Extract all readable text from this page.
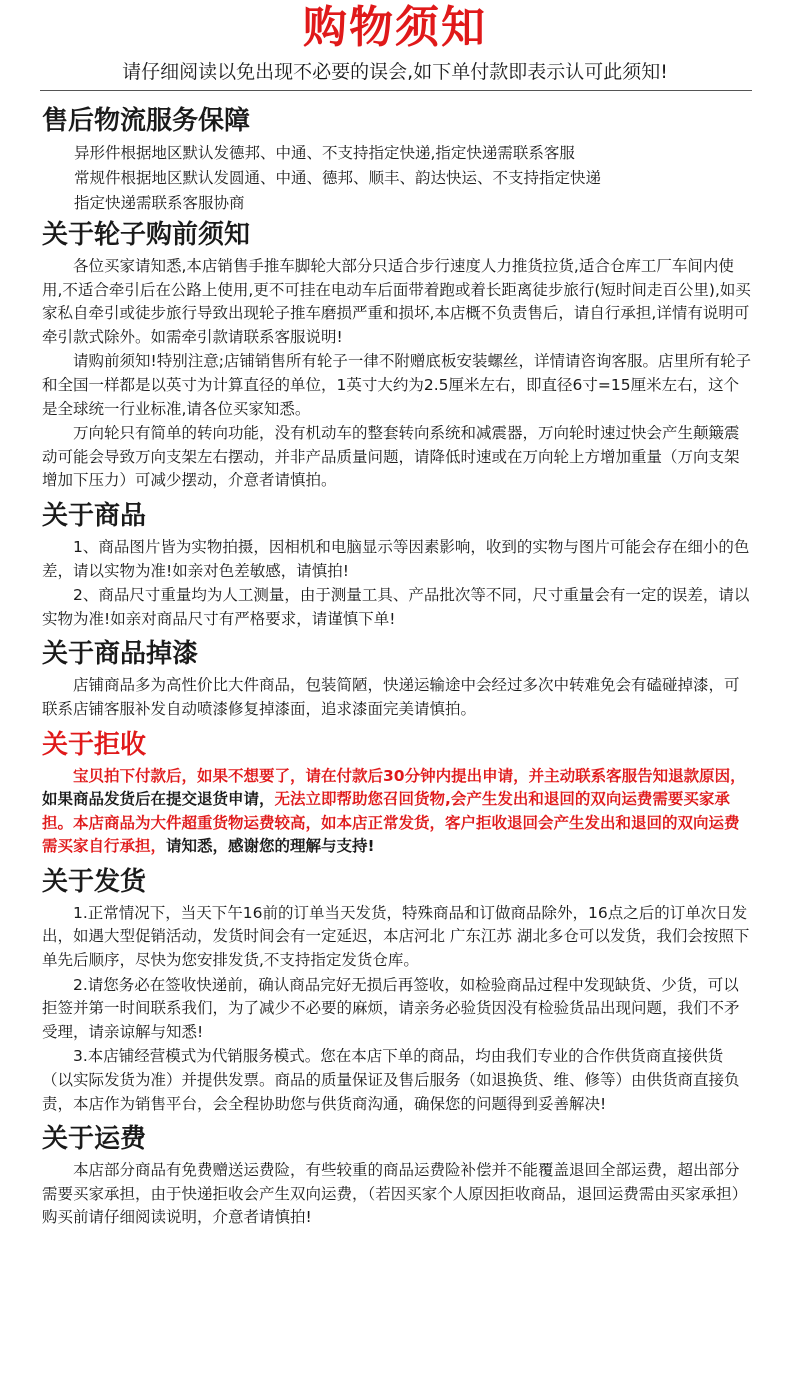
购物须知
请仔细阅读以免出现不必要的误会,如下单付款即表示认可此须知!
售后物流服务保障
异形件根据地区默认发德邦、中通、不支持指定快递,指定快递需联系客服
常规件根据地区默认发圆通、中通、德邦、顺丰、韵达快运、不支持指定快递
指定快递需联系客服协商
关于轮子购前须知
各位买家请知悉,本店销售手推车脚轮大部分只适合步行速度人力推货拉货,适合仓库工厂车间内使用,不适合牵引后在公路上使用,更不可挂在电动车后面带着跑或着长距离徒步旅行(短时间走百公里),如买家私自牵引或徒步旅行导致出现轮子推车磨损严重和损坏,本店概不负责售后，请自行承担,详情有说明可牵引款式除外。如需牵引款请联系客服说明!
请购前须知!特别注意;店铺销售所有轮子一律不附赠底板安装螺丝，详情请咨询客服。店里所有轮子和全国一样都是以英寸为计算直径的单位，1英寸大约为2.5厘米左右，即直径6寸=15厘米左右，这个是全球统一行业标准,请各位买家知悉。
万向轮只有简单的转向功能，没有机动车的整套转向系统和减震器，万向轮时速过快会产生颠簸震动可能会导致万向支架左右摆动，并非产品质量问题，请降低时速或在万向轮上方增加重量（万向支架增加下压力）可减少摆动，介意者请慎拍。
关于商品
1、商品图片皆为实物拍摄，因相机和电脑显示等因素影响，收到的实物与图片可能会存在细小的色差，请以实物为准!如亲对色差敏感，请慎拍!
2、商品尺寸重量均为人工测量，由于测量工具、产品批次等不同，尺寸重量会有一定的误差，请以实物为准!如亲对商品尺寸有严格要求，请谨慎下单!
关于商品掉漆
店铺商品多为高性价比大件商品，包装简陋，快递运输途中会经过多次中转难免会有磕碰掉漆，可联系店铺客服补发自动喷漆修复掉漆面，追求漆面完美请慎拍。
关于拒收
宝贝拍下付款后，如果不想要了，请在付款后30分钟内提出申请，并主动联系客服告知退款原因，如果商品发货后在提交退货申请，无法立即帮助您召回货物,会产生发出和退回的双向运费需要买家承担。本店商品为大件超重货物运费较高，如本店正常发货，客户拒收退回会产生发出和退回的双向运费需买家自行承担，请知悉，感谢您的理解与支持!
关于发货
1.正常情况下，当天下午16前的订单当天发货，特殊商品和订做商品除外，16点之后的订单次日发出，如遇大型促销活动，发货时间会有一定延迟，本店河北 广东江苏 湖北多仓可以发货，我们会按照下单先后顺序，尽快为您安排发货,不支持指定发货仓库。
2.请您务必在签收快递前，确认商品完好无损后再签收，如检验商品过程中发现缺货、少货，可以拒签并第一时间联系我们，为了减少不必要的麻烦，请亲务必验货因没有检验货品出现问题，我们不矛受理，请亲谅解与知悉!
3.本店铺经营模式为代销服务模式。您在本店下单的商品，均由我们专业的合作供货商直接供货（以实际发货为准）并提供发票。商品的质量保证及售后服务（如退换货、维、修等）由供货商直接负责，本店作为销售平台，会全程协助您与供货商沟通，确保您的问题得到妥善解决!
关于运费
本店部分商品有免费赠送运费险，有些较重的商品运费险补偿并不能覆盖退回全部运费，超出部分需要买家承担，由于快递拒收会产生双向运费，（若因买家个人原因拒收商品，退回运费需由买家承担）购买前请仔细阅读说明，介意者请慎拍!
